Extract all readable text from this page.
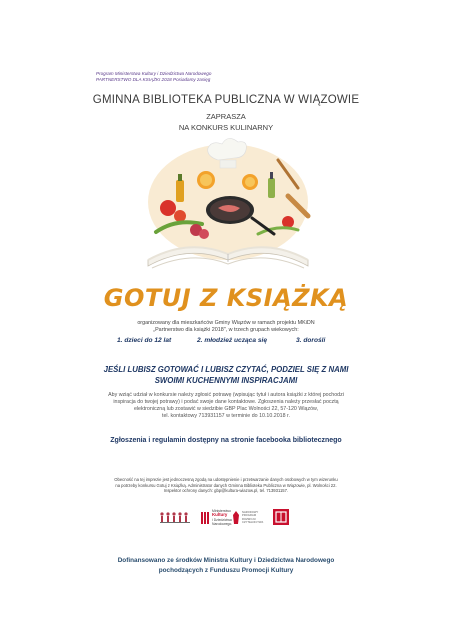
Program Ministerstwa Kultury i Dziedzictwa Narodowego
PARTNERSTWO DLA KSIĄŻKI 2018 Posiadamy zasięg
GMINNA BIBLIOTEKA PUBLICZNA W WIĄZOWIE
ZAPRASZA
NA KONKURS KULINARNY
GOTUJ Z KSIĄŻKĄ
organizowany dla mieszkańców Gminy Wiązów w ramach projektu MKiDN
„Partnerstwo dla książki 2018", w trzech grupach wiekowych:
1. dzieci do 12 lat	2. młodzież ucząca się	3. dorośli
JEŚLI LUBISZ GOTOWAĆ I LUBISZ CZYTAĆ, PODZIEL SIĘ Z NAMI
SWOIMI KUCHENNYMI INSPIRACJAMI
Aby wziąć udział w konkursie należy zgłosić potrawę (wpisując tytuł i autora książki z której pochodzi
inspiracja do twojej potrawy) i podać swoje dane kontaktowe. Zgłoszenia należy przesłać pocztą
elektroniczną lub zostawić w siedzibie GBP Plac Wolności 22, 57-120 Wiązów,
tel. kontaktowy 713931157 w terminie do 10.10.2018 r.
Zgłoszenia i regulamin dostępny na stronie facebooka bibliotecznego
Obecność na tej imprezie jest jednoczesną zgodą na udostępnienie i przetwarzanie danych osobowych w tym wizerunku
na potrzeby konkursu Gotuj z Książką. Administrator danych Gminna Biblioteka Publiczna w Wiązowie, pl. Wolności 22.
Inspektor ochrony danych: gbp@kultura-wiazow.pl, tel. 713931157.
Ministerstwo
Kultury
i Dziedzictwa Narodowego.
NARODOWY
PROGRAM
ROZWOJU
CZYTELNICTWA
Dofinansowano ze środków Ministra Kultury i Dziedzictwa Narodowego
pochodzących z Funduszu Promocji Kultury
